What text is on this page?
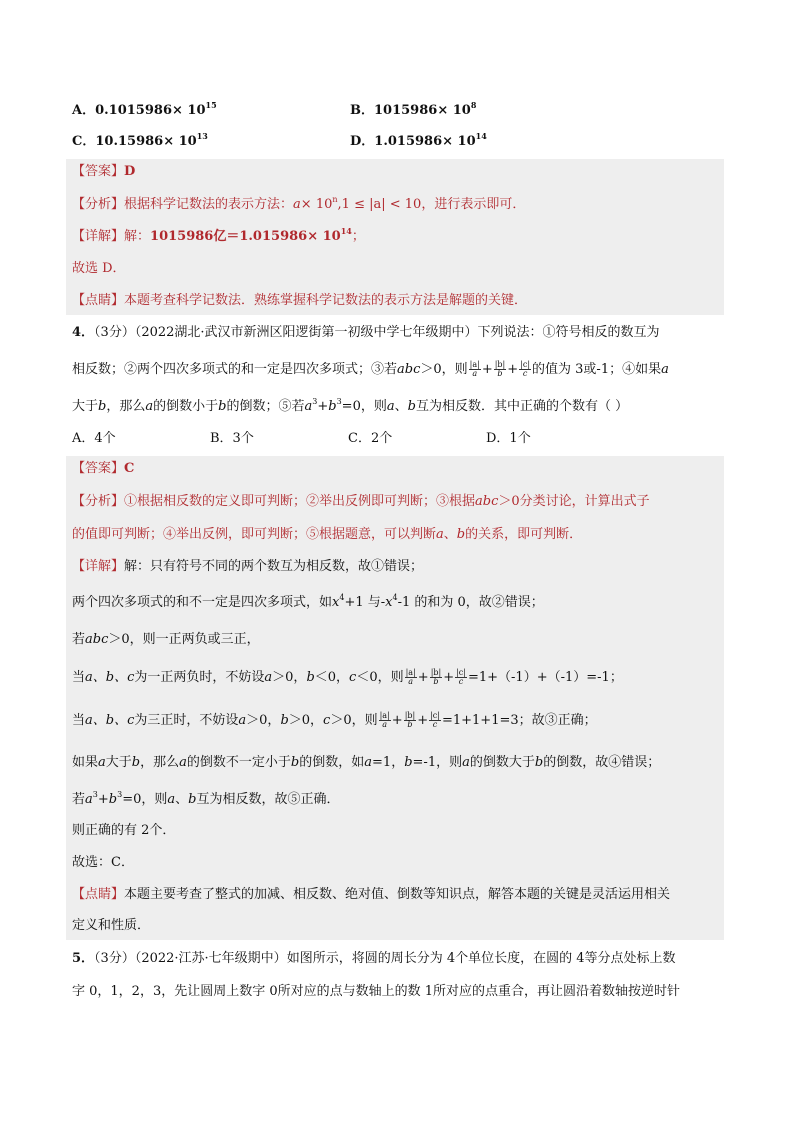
A．$0.1015986\times 10^{15}$	B．$1015986\times 10^8$
C．$10.15986\times 10^{13}$	D．$1.015986\times 10^{14}$
【答案】D
【分析】根据科学记数法的表示方法：$a\times 10^n,1 \le |a| < 10$，进行表示即可．
【详解】解：1015986亿$=1.015986\times 10^{14}$；
故选 D．
【点睛】本题考查科学记数法．熟练掌握科学记数法的表示方法是解题的关键．
4．（3分）（2022湖北·武汉市新洲区阳逻街第一初级中学七年级期中）下列说法：①符号相反的数互为
相反数；②两个四次多项式的和一定是四次多项式；③若abc＞0，则 $\frac{|a|}{a} + \frac{|b|}{b} + \frac{|c|}{c}$ 的值为 3或-1；④如果a
大于b，那么a的倒数小于b的倒数；⑤若$a^3+b^3=0$，则a、b互为相反数．其中正确的个数有（ ）
A．4个	B．3个	C．2个	D．1个
【答案】C
【分析】①根据相反数的定义即可判断；②举出反例即可判断；③根据abc＞0分类讨论，计算出式子
的值即可判断；④举出反例，即可判断；⑤根据题意，可以判断a、b的关系，即可判断．
【详解】解：只有符号不同的两个数互为相反数，故①错误；
两个四次多项式的和不一定是四次多项式，如$x^4+1$ 与$-x^4-1$ 的和为 0，故②错误；
若abc＞0，则一正两负或三正，
当a、b、c为一正两负时，不妨设a＞0，b＜0，c＜0，则 $\frac{|a|}{a} + \frac{|b|}{b} + \frac{|c|}{c} =1+(-1)+(-1)=-1$；
当a、b、c为三正时，不妨设a＞0，b＞0，c＞0，则 $\frac{|a|}{a} + \frac{|b|}{b} + \frac{|c|}{c} =1+1+1=3$；故③正确；
如果a大于b，那么a的倒数不一定小于b的倒数，如a=1，b=-1，则a的倒数大于b的倒数，故④错误；
若$a^3+b^3=0$，则a、b互为相反数，故⑤正确．
则正确的有 2个．
故选：C．
【点睛】本题主要考查了整式的加减、相反数、绝对值、倒数等知识点，解答本题的关键是灵活运用相关
定义和性质．
5．（3分）（2022·江苏·七年级期中）如图所示，将圆的周长分为 4个单位长度，在圆的 4等分点处标上数
字 0，1，2，3，先让圆周上数字 0所对应的点与数轴上的数 1所对应的点重合，再让圆沿着数轴按逆时针
